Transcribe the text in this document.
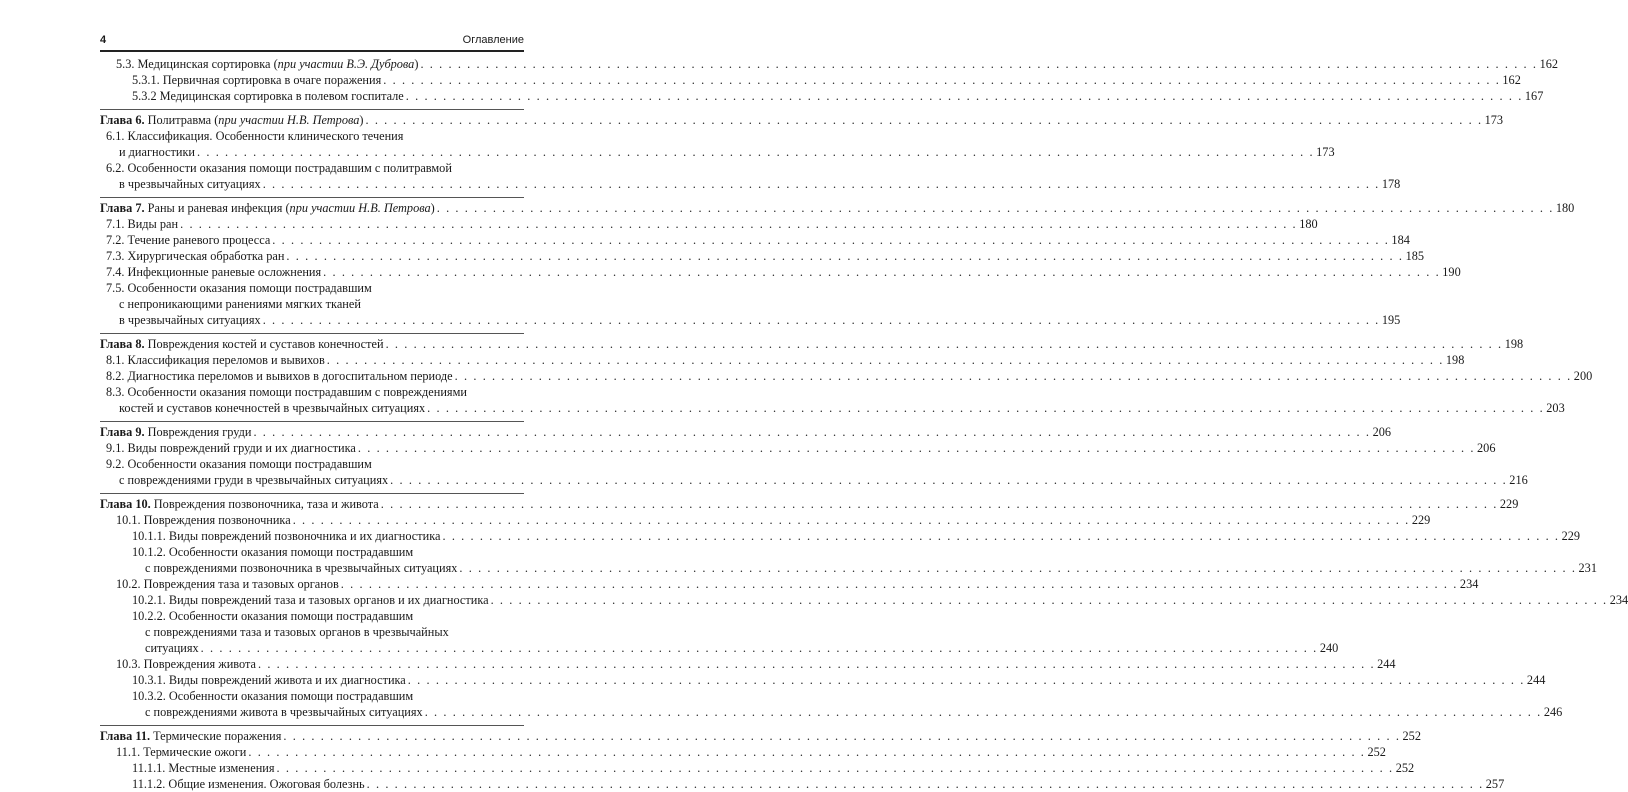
4	Оглавление
5.3. Медицинская сортировка (при участии В.Э. Дуброва) . . . . . . . . . . . . . . . . . . . . . . . . . . . . . . . . . . . . . . . . . . . . . . . . . . . . . . . . . . . . . . . . . . . . . . . . . . . . . . . . . . . . . . . . . . . . . . . . . . . . . . . . . . . . . . . . . . . . . . . . 162
5.3.1. Первичная сортировка в очаге поражения . . . . . . . . . . . . . . . . . . . . . . . . . . . . . . . . . . . . . . . . . . . . . . . . . . . . . . . . . . . . . . . . . . . . . . . . . . . . . . . . . . . . . . . . . . . . . . . . . . . . . . . . . . . . . . . . . . . . . . . . 162
5.3.2 Медицинская сортировка в полевом госпитале . . . . . . . . . . . . . . . . . . . . . . . . . . . . . . . . . . . . . . . . . . . . . . . . . . . . . . . . . . . . . . . . . . . . . . . . . . . . . . . . . . . . . . . . . . . . . . . . . . . . . . . . . . . . . . . . . . . . . . . . 167
Глава 6. Политравма (при участии Н.В. Петрова) . . . . . . . . . . . . . . . . . . . . . . . . . . . . . . . . . . . . . . . . . . . . . . . . . . . . . . . . . . . . . . . . . . . . . . . . . . . . . . . . . . . . . . . . . . . . . . . . . . . . . . . . . . . . . . . . . . . . . . . . 173
6.1. Классификация. Особенности клинического течения
и диагностики . . . . . . . . . . . . . . . . . . . . . . . . . . . . . . . . . . . . . . . . . . . . . . . . . . . . . . . . . . . . . . . . . . . . . . . . . . . . . . . . . . . . . . . . . . . . . . . . . . . . . . . . . . . . . . . . . . . . . . . . 173
6.2. Особенности оказания помощи пострадавшим с политравмой
в чрезвычайных ситуациях . . . . . . . . . . . . . . . . . . . . . . . . . . . . . . . . . . . . . . . . . . . . . . . . . . . . . . . . . . . . . . . . . . . . . . . . . . . . . . . . . . . . . . . . . . . . . . . . . . . . . . . . . . . . . . . . . . . . . . . . 178
Глава 7. Раны и раневая инфекция (при участии Н.В. Петрова) . . . . . . . . . . . . . . . . . . . . . . . . . . . . . . . . . . . . . . . . . . . . . . . . . . . . . . . . . . . . . . . . . . . . . . . . . . . . . . . . . . . . . . . . . . . . . . . . . . . . . . . . . . . . . . . . . . . . . . . . 180
7.1. Виды ран . . . . . . . . . . . . . . . . . . . . . . . . . . . . . . . . . . . . . . . . . . . . . . . . . . . . . . . . . . . . . . . . . . . . . . . . . . . . . . . . . . . . . . . . . . . . . . . . . . . . . . . . . . . . . . . . . . . . . . . . 180
7.2. Течение раневого процесса . . . . . . . . . . . . . . . . . . . . . . . . . . . . . . . . . . . . . . . . . . . . . . . . . . . . . . . . . . . . . . . . . . . . . . . . . . . . . . . . . . . . . . . . . . . . . . . . . . . . . . . . . . . . . . . . . . . . . . . . 184
7.3. Хирургическая обработка ран . . . . . . . . . . . . . . . . . . . . . . . . . . . . . . . . . . . . . . . . . . . . . . . . . . . . . . . . . . . . . . . . . . . . . . . . . . . . . . . . . . . . . . . . . . . . . . . . . . . . . . . . . . . . . . . . . . . . . . . . 185
7.4. Инфекционные раневые осложнения . . . . . . . . . . . . . . . . . . . . . . . . . . . . . . . . . . . . . . . . . . . . . . . . . . . . . . . . . . . . . . . . . . . . . . . . . . . . . . . . . . . . . . . . . . . . . . . . . . . . . . . . . . . . . . . . . . . . . . . . 190
7.5. Особенности оказания помощи пострадавшим
с непроникающими ранениями мягких тканей
в чрезвычайных ситуациях . . . . . . . . . . . . . . . . . . . . . . . . . . . . . . . . . . . . . . . . . . . . . . . . . . . . . . . . . . . . . . . . . . . . . . . . . . . . . . . . . . . . . . . . . . . . . . . . . . . . . . . . . . . . . . . . . . . . . . . . 195
Глава 8. Повреждения костей и суставов конечностей . . . . . . . . . . . . . . . . . . . . . . . . . . . . . . . . . . . . . . . . . . . . . . . . . . . . . . . . . . . . . . . . . . . . . . . . . . . . . . . . . . . . . . . . . . . . . . . . . . . . . . . . . . . . . . . . . . . . . . . . 198
8.1. Классификация переломов и вывихов . . . . . . . . . . . . . . . . . . . . . . . . . . . . . . . . . . . . . . . . . . . . . . . . . . . . . . . . . . . . . . . . . . . . . . . . . . . . . . . . . . . . . . . . . . . . . . . . . . . . . . . . . . . . . . . . . . . . . . . . 198
8.2. Диагностика переломов и вывихов в догоспитальном периоде . . . . . . . . . . . . . . . . . . . . . . . . . . . . . . . . . . . . . . . . . . . . . . . . . . . . . . . . . . . . . . . . . . . . . . . . . . . . . . . . . . . . . . . . . . . . . . . . . . . . . . . . . . . . . . . . . . . . . . . . 200
8.3. Особенности оказания помощи пострадавшим с повреждениями
костей и суставов конечностей в чрезвычайных ситуациях . . . . . . . . . . . . . . . . . . . . . . . . . . . . . . . . . . . . . . . . . . . . . . . . . . . . . . . . . . . . . . . . . . . . . . . . . . . . . . . . . . . . . . . . . . . . . . . . . . . . . . . . . . . . . . . . . . . . . . . . 203
Глава 9. Повреждения груди . . . . . . . . . . . . . . . . . . . . . . . . . . . . . . . . . . . . . . . . . . . . . . . . . . . . . . . . . . . . . . . . . . . . . . . . . . . . . . . . . . . . . . . . . . . . . . . . . . . . . . . . . . . . . . . . . . . . . . . . 206
9.1. Виды повреждений груди и их диагностика . . . . . . . . . . . . . . . . . . . . . . . . . . . . . . . . . . . . . . . . . . . . . . . . . . . . . . . . . . . . . . . . . . . . . . . . . . . . . . . . . . . . . . . . . . . . . . . . . . . . . . . . . . . . . . . . . . . . . . . . 206
9.2. Особенности оказания помощи пострадавшим
с повреждениями груди в чрезвычайных ситуациях . . . . . . . . . . . . . . . . . . . . . . . . . . . . . . . . . . . . . . . . . . . . . . . . . . . . . . . . . . . . . . . . . . . . . . . . . . . . . . . . . . . . . . . . . . . . . . . . . . . . . . . . . . . . . . . . . . . . . . . . 216
Глава 10. Повреждения позвоночника, таза и живота . . . . . . . . . . . . . . . . . . . . . . . . . . . . . . . . . . . . . . . . . . . . . . . . . . . . . . . . . . . . . . . . . . . . . . . . . . . . . . . . . . . . . . . . . . . . . . . . . . . . . . . . . . . . . . . . . . . . . . . . 229
10.1. Повреждения позвоночника . . . . . . . . . . . . . . . . . . . . . . . . . . . . . . . . . . . . . . . . . . . . . . . . . . . . . . . . . . . . . . . . . . . . . . . . . . . . . . . . . . . . . . . . . . . . . . . . . . . . . . . . . . . . . . . . . . . . . . . . 229
10.1.1. Виды повреждений позвоночника и их диагностика . . . . . . . . . . . . . . . . . . . . . . . . . . . . . . . . . . . . . . . . . . . . . . . . . . . . . . . . . . . . . . . . . . . . . . . . . . . . . . . . . . . . . . . . . . . . . . . . . . . . . . . . . . . . . . . . . . . . . . . . 229
10.1.2. Особенности оказания помощи пострадавшим
с повреждениями позвоночника в чрезвычайных ситуациях . . . . . . . . . . . . . . . . . . . . . . . . . . . . . . . . . . . . . . . . . . . . . . . . . . . . . . . . . . . . . . . . . . . . . . . . . . . . . . . . . . . . . . . . . . . . . . . . . . . . . . . . . . . . . . . . . . . . . . . . 231
10.2. Повреждения таза и тазовых органов . . . . . . . . . . . . . . . . . . . . . . . . . . . . . . . . . . . . . . . . . . . . . . . . . . . . . . . . . . . . . . . . . . . . . . . . . . . . . . . . . . . . . . . . . . . . . . . . . . . . . . . . . . . . . . . . . . . . . . . . 234
10.2.1. Виды повреждений таза и тазовых органов и их диагностика . . . . . . . . . . . . . . . . . . . . . . . . . . . . . . . . . . . . . . . . . . . . . . . . . . . . . . . . . . . . . . . . . . . . . . . . . . . . . . . . . . . . . . . . . . . . . . . . . . . . . . . . . . . . . . . . . . . . . . . . 234
10.2.2. Особенности оказания помощи пострадавшим
с повреждениями таза и тазовых органов в чрезвычайных
ситуациях . . . . . . . . . . . . . . . . . . . . . . . . . . . . . . . . . . . . . . . . . . . . . . . . . . . . . . . . . . . . . . . . . . . . . . . . . . . . . . . . . . . . . . . . . . . . . . . . . . . . . . . . . . . . . . . . . . . . . . . . 240
10.3. Повреждения живота . . . . . . . . . . . . . . . . . . . . . . . . . . . . . . . . . . . . . . . . . . . . . . . . . . . . . . . . . . . . . . . . . . . . . . . . . . . . . . . . . . . . . . . . . . . . . . . . . . . . . . . . . . . . . . . . . . . . . . . . 244
10.3.1. Виды повреждений живота и их диагностика . . . . . . . . . . . . . . . . . . . . . . . . . . . . . . . . . . . . . . . . . . . . . . . . . . . . . . . . . . . . . . . . . . . . . . . . . . . . . . . . . . . . . . . . . . . . . . . . . . . . . . . . . . . . . . . . . . . . . . . . 244
10.3.2. Особенности оказания помощи пострадавшим
с повреждениями живота в чрезвычайных ситуациях . . . . . . . . . . . . . . . . . . . . . . . . . . . . . . . . . . . . . . . . . . . . . . . . . . . . . . . . . . . . . . . . . . . . . . . . . . . . . . . . . . . . . . . . . . . . . . . . . . . . . . . . . . . . . . . . . . . . . . . . 246
Глава 11. Термические поражения . . . . . . . . . . . . . . . . . . . . . . . . . . . . . . . . . . . . . . . . . . . . . . . . . . . . . . . . . . . . . . . . . . . . . . . . . . . . . . . . . . . . . . . . . . . . . . . . . . . . . . . . . . . . . . . . . . . . . . . . 252
11.1. Термические ожоги . . . . . . . . . . . . . . . . . . . . . . . . . . . . . . . . . . . . . . . . . . . . . . . . . . . . . . . . . . . . . . . . . . . . . . . . . . . . . . . . . . . . . . . . . . . . . . . . . . . . . . . . . . . . . . . . . . . . . . . . 252
11.1.1. Местные изменения . . . . . . . . . . . . . . . . . . . . . . . . . . . . . . . . . . . . . . . . . . . . . . . . . . . . . . . . . . . . . . . . . . . . . . . . . . . . . . . . . . . . . . . . . . . . . . . . . . . . . . . . . . . . . . . . . . . . . . . . 252
11.1.2. Общие изменения. Ожоговая болезнь . . . . . . . . . . . . . . . . . . . . . . . . . . . . . . . . . . . . . . . . . . . . . . . . . . . . . . . . . . . . . . . . . . . . . . . . . . . . . . . . . . . . . . . . . . . . . . . . . . . . . . . . . . . . . . . . . . . . . . . . 257
